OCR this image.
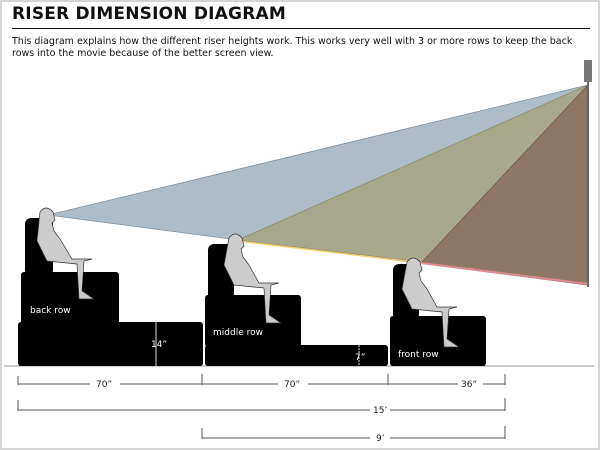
RISER DIMENSION DIAGRAM
This diagram explains how the different riser heights work. This works very well with 3 or more rows to keep the back rows into the movie because of the better screen view.
back row
middle row
front row
14”
7”
70”	70”	36”
15’
9’
